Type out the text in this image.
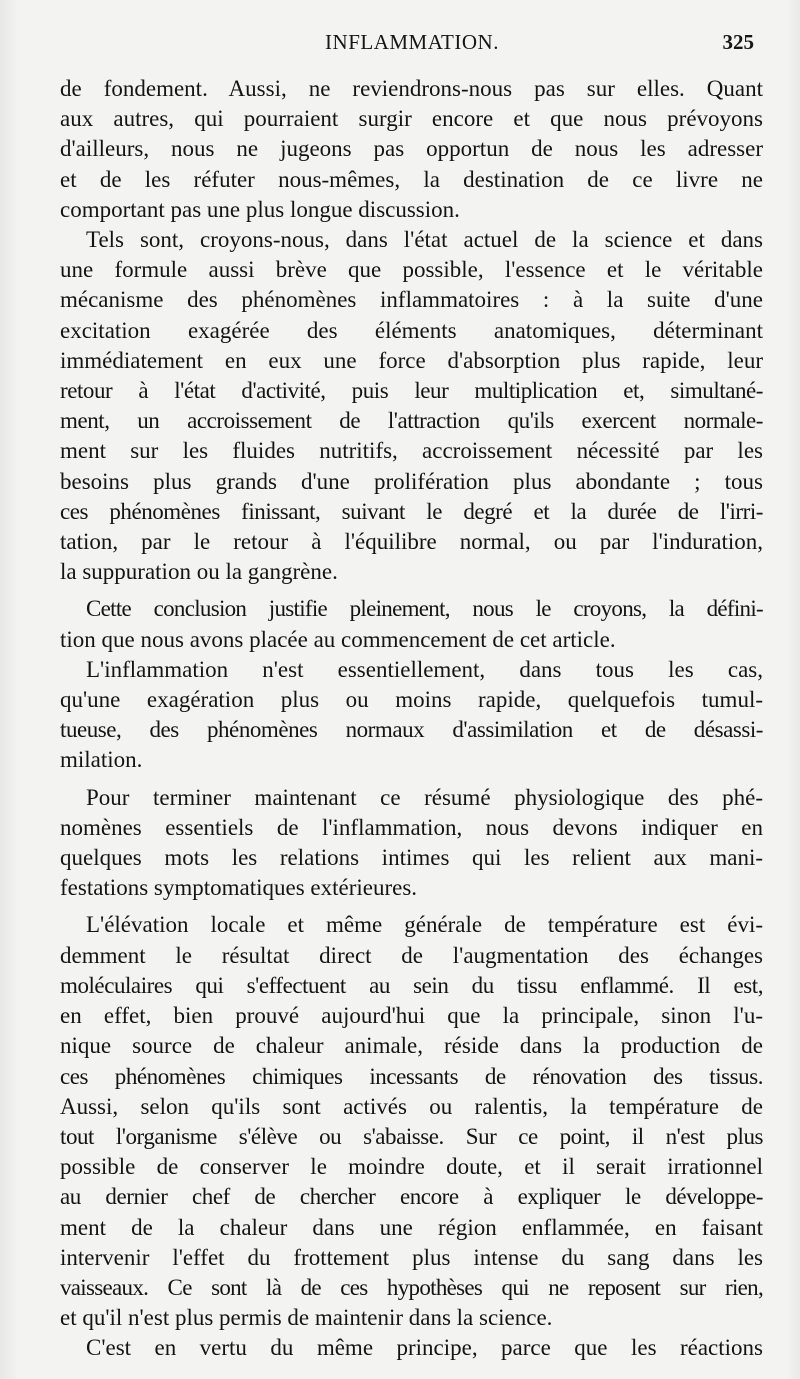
INFLAMMATION.	325

de fondement. Aussi, ne reviendrons-nous pas sur elles. Quant

aux autres, qui pourraient surgir encore et que nous prévoyons

d'ailleurs, nous ne jugeons pas opportun de nous les adresser

et de les réfuter nous-mêmes, la destination de ce livre ne

comportant pas une plus longue discussion.

Tels sont, croyons-nous, dans l'état actuel de la science et dans

une formule aussi brève que possible, l'essence et le véritable

mécanisme des phénomènes inflammatoires : à la suite d'une

excitation exagérée des éléments anatomiques, déterminant

immédiatement en eux une force d'absorption plus rapide, leur

retour à l'état d'activité, puis leur multiplication et, simultané-

ment, un accroissement de l'attraction qu'ils exercent normale-

ment sur les fluides nutritifs, accroissement nécessité par les

besoins plus grands d'une prolifération plus abondante ; tous

ces phénomènes finissant, suivant le degré et la durée de l'irri-

tation, par le retour à l'équilibre normal, ou par l'induration,

la suppuration ou la gangrène.

Cette conclusion justifie pleinement, nous le croyons, la défini-

tion que nous avons placée au commencement de cet article.

L'inflammation n'est essentiellement, dans tous les cas,

qu'une exagération plus ou moins rapide, quelquefois tumul-

tueuse, des phénomènes normaux d'assimilation et de désassi-

milation.

Pour terminer maintenant ce résumé physiologique des phé-

nomènes essentiels de l'inflammation, nous devons indiquer en

quelques mots les relations intimes qui les relient aux mani-

festations symptomatiques extérieures.

L'élévation locale et même générale de température est évi-

demment le résultat direct de l'augmentation des échanges

moléculaires qui s'effectuent au sein du tissu enflammé. Il est,

en effet, bien prouvé aujourd'hui que la principale, sinon l'u-

nique source de chaleur animale, réside dans la production de

ces phénomènes chimiques incessants de rénovation des tissus.

Aussi, selon qu'ils sont activés ou ralentis, la température de

tout l'organisme s'élève ou s'abaisse. Sur ce point, il n'est plus

possible de conserver le moindre doute, et il serait irrationnel

au dernier chef de chercher encore à expliquer le développe-

ment de la chaleur dans une région enflammée, en faisant

intervenir l'effet du frottement plus intense du sang dans les

vaisseaux. Ce sont là de ces hypothèses qui ne reposent sur rien,

et qu'il n'est plus permis de maintenir dans la science.

C'est en vertu du même principe, parce que les réactions
